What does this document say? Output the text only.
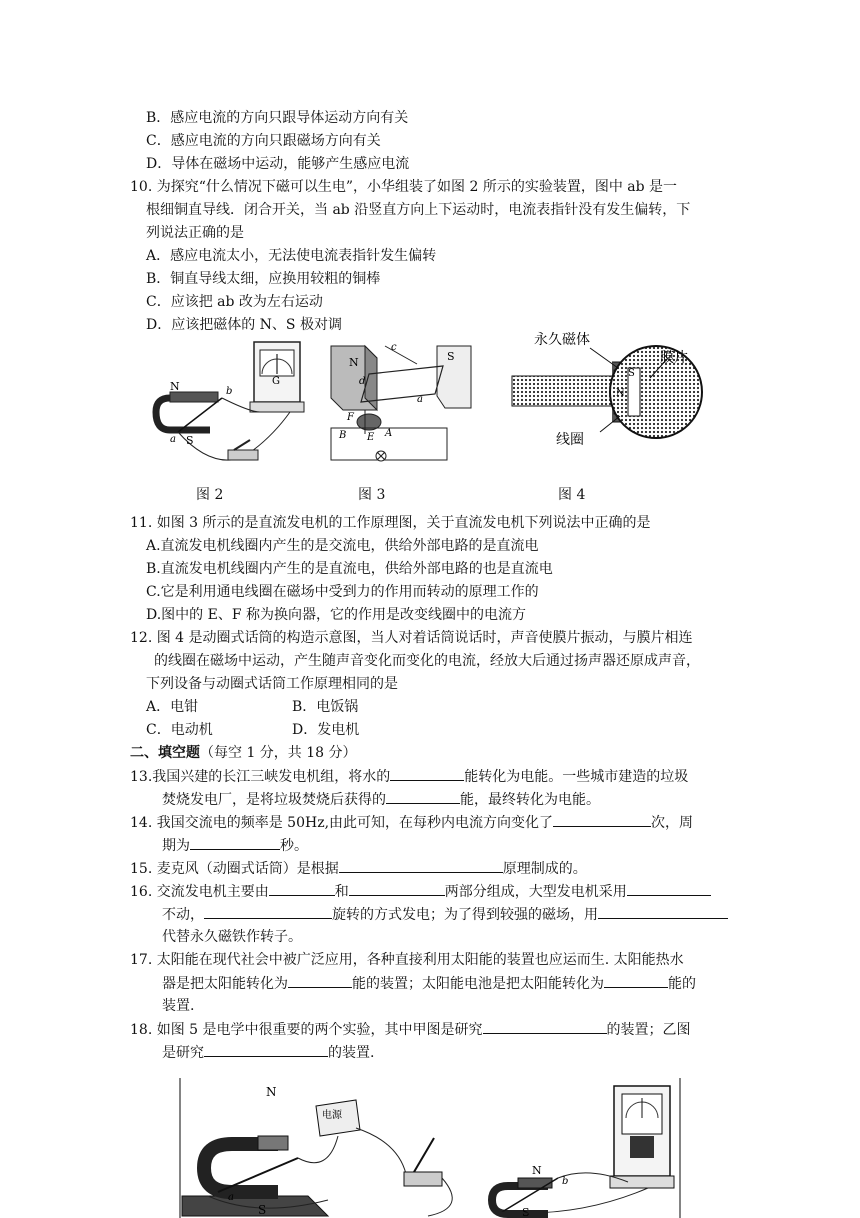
B．感应电流的方向只跟导体运动方向有关
C．感应电流的方向只跟磁场方向有关
D．导体在磁场中运动，能够产生感应电流
10. 为探究“什么情况下磁可以生电”，小华组装了如图 2 所示的实验装置，图中 ab 是一
根细铜直导线．闭合开关，当 ab 沿竖直方向上下运动时，电流表指针没有发生偏转，下
列说法正确的是
A．感应电流太小，无法使电流表指针发生偏转
B．铜直导线太细，应换用较粗的铜棒
C．应该把 ab 改为左右运动
D．应该把磁体的 N、S 极对调
N
S
a
b
G
N	S
c
d
F
B E A
a
永久磁体
膜片
线圈
S
N
图 2	图 3	图 4
11. 如图 3 所示的是直流发电机的工作原理图，关于直流发电机下列说法中正确的是
A.直流发电机线圈内产生的是交流电，供给外部电路的是直流电
B.直流发电机线圈内产生的是直流电，供给外部电路的也是直流电
C.它是利用通电线圈在磁场中受到力的作用而转动的原理工作的
D.图中的 E、F 称为换向器，它的作用是改变线圈中的电流方
12. 图 4 是动圈式话筒的构造示意图，当人对着话筒说话时，声音使膜片振动，与膜片相连
的线圈在磁场中运动，产生随声音变化而变化的电流，经放大后通过扬声器还原成声音，
下列设备与动圈式话筒工作原理相同的是
A．电钳	B．电饭锅
C．电动机	D．发电机
二、填空题（每空 1 分，共 18 分）
13.我国兴建的长江三峡发电机组，将水的	能转化为电能。一些城市建造的垃圾
焚烧发电厂，是将垃圾焚烧后获得的	能，最终转化为电能。
14. 我国交流电的频率是 50Hz,由此可知，在每秒内电流方向变化了	次，周
期为	秒。
15. 麦克风（动圈式话筒）是根据	原理制成的。
16. 交流发电机主要由	和	两部分组成，大型发电机采用
不动，	旋转的方式发电；为了得到较强的磁场，用
代替永久磁铁作转子。
17. 太阳能在现代社会中被广泛应用，各种直接利用太阳能的装置也应运而生. 太阳能热水
器是把太阳能转化为	能的装置；太阳能电池是把太阳能转化为	能的
装置.
18. 如图 5 是电学中很重要的两个实验，其中甲图是研究	的装置；乙图
是研究	的装置.
电源
N
S
a
N
S
b
